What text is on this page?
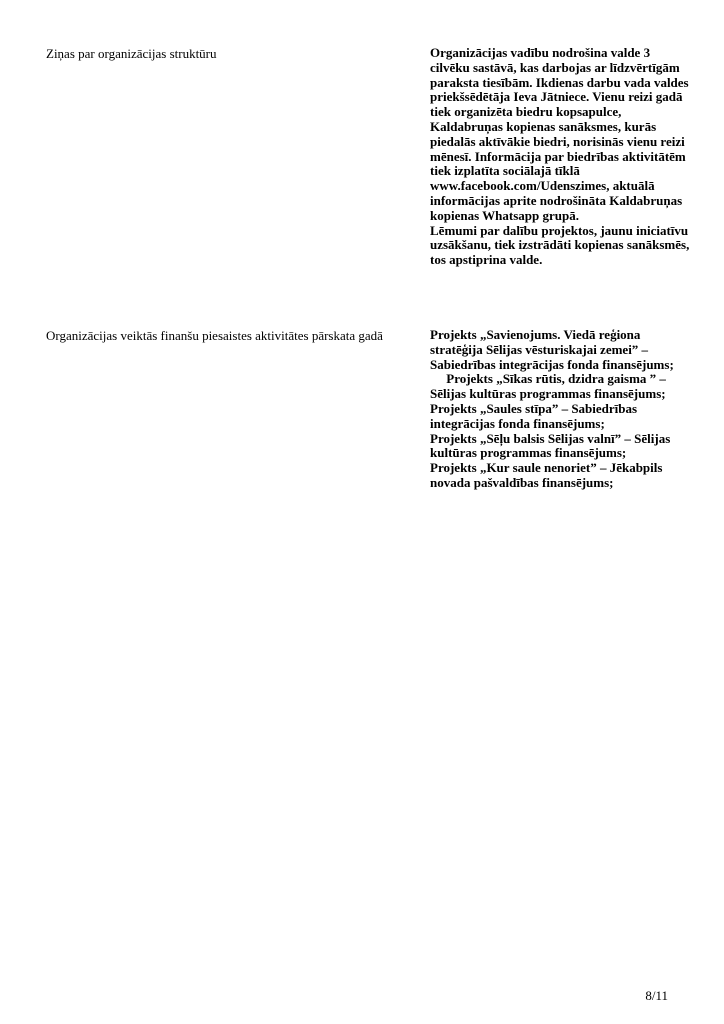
Ziņas par organizācijas struktūru	Organizācijas vadību nodrošina valde 3 cilvēku sastāvā, kas darbojas ar līdzvērtīgām paraksta tiesībām. Ikdienas darbu vada valdes priekšsēdētāja Ieva Jātniece. Vienu reizi gadā tiek organizēta biedru kopsapulce, Kaldabruņas kopienas sanāksmes, kurās piedalās aktīvākie biedri, norisinās vienu reizi mēnesī. Informācija par biedrības aktivitātēm tiek izplatīta sociālajā tīklā www.facebook.com/Udenszimes, aktuālā informācijas aprite nodrošināta Kaldabruņas kopienas Whatsapp grupā.
Lēmumi par dalību projektos, jaunu iniciatīvu uzsākšanu, tiek izstrādāti kopienas sanāksmēs, tos apstiprina valde.
Organizācijas veiktās finanšu piesaistes aktivitātes pārskata gadā	Projekts „Savienojums. Viedā reģiona stratēģija Sēlijas vēsturiskajai zemei” – Sabiedrības integrācijas fonda finansējums;
Projekts „Sīkas rūtis, dzidra gaisma ” – Sēlijas kultūras programmas finansējums;     Projekts „Saules stīpa” – Sabiedrības integrācijas fonda finansējums;
Projekts „Sēļu balsis Sēlijas valnī” – Sēlijas kultūras programmas finansējums;
Projekts „Kur saule nenoriet” – Jēkabpils novada pašvaldības finansējums;
8/11
